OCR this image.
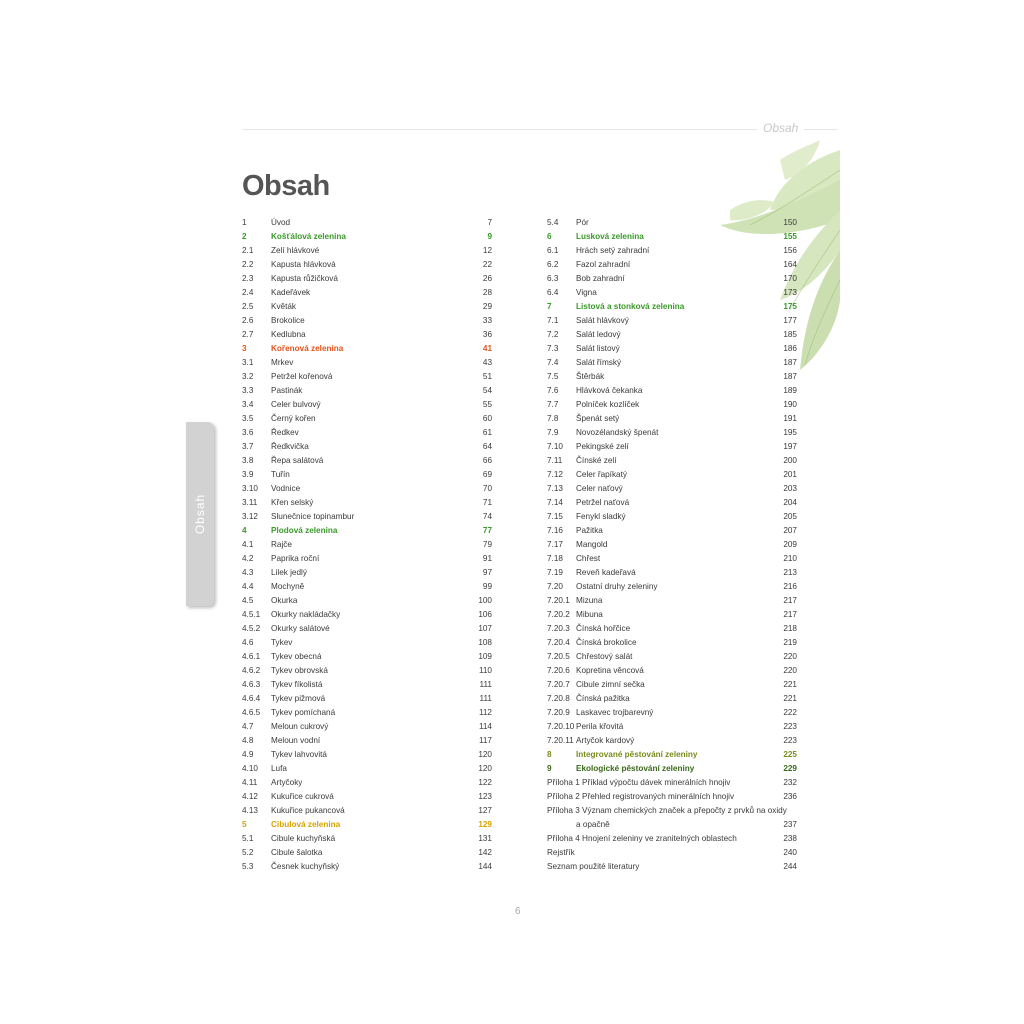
Obsah
Obsah
Obsah
1	Úvod	7
2	Košťálová zelenina	9
2.1 Zelí hlávkové	12
2.2 Kapusta hlávková	22
2.3 Kapusta růžičková	26
2.4 Kadeřávek	28
2.5 Květák	29
2.6 Brokolice	33
2.7 Kedlubna	36
3	Kořenová zelenina	41
3.1 Mrkev	43
3.2 Petržel kořenová	51
3.3 Pastinák	54
3.4 Celer bulvový	55
3.5 Černý kořen	60
3.6 Ředkev	61
3.7 Ředkvička	64
3.8 Řepa salátová	66
3.9 Tuřín	69
3.10 Vodnice	70
3.11 Křen selský	71
3.12 Slunečnice topinambur	74
4	Plodová zelenina	77
4.1 Rajče	79
4.2 Paprika roční	91
4.3 Lilek jedlý	97
4.4 Mochyně	99
4.5 Okurka	100
4.5.1 Okurky nakládačky	106
4.5.2 Okurky salátové	107
4.6 Tykev	108
4.6.1 Tykev obecná	109
4.6.2 Tykev obrovská	110
4.6.3 Tykev fíkolistá	111
4.6.4 Tykev pižmová	111
4.6.5 Tykev pomíchaná	112
4.7 Meloun cukrový	114
4.8 Meloun vodní	117
4.9 Tykev lahvovitá	120
4.10 Lufa	120
4.11 Artyčoky	122
4.12 Kukuřice cukrová	123
4.13 Kukuřice pukancová	127
5	Cibulová zelenina	129
5.1 Cibule kuchyňská	131
5.2 Cibule šalotka	142
5.3 Česnek kuchyňský	144
5.4 Pór	150
6	Lusková zelenina	155
6.1 Hrách setý zahradní	156
6.2 Fazol zahradní	164
6.3 Bob zahradní	170
6.4 Vigna	173
7	Listová a stonková zelenina	175
7.1 Salát hlávkový	177
7.2 Salát ledový	185
7.3 Salát listový	186
7.4 Salát římský	187
7.5 Štěrbák	187
7.6 Hlávková čekanka	189
7.7 Polníček kozlíček	190
7.8 Špenát setý	191
7.9 Novozélandský špenát	195
7.10 Pekingské zelí	197
7.11 Čínské zelí	200
7.12 Celer řapíkatý	201
7.13 Celer naťový	203
7.14 Petržel naťová	204
7.15 Fenykl sladký	205
7.16 Pažitka	207
7.17 Mangold	209
7.18 Chřest	210
7.19 Reveň kadeřavá	213
7.20 Ostatní druhy zeleniny	216
7.20.1 Mizuna	217
7.20.2 Mibuna	217
7.20.3 Čínská hořčice	218
7.20.4 Čínská brokolice	219
7.20.5 Chřestový salát	220
7.20.6 Kopretina věncová	220
7.20.7 Cibule zimní sečka	221
7.20.8 Čínská pažitka	221
7.20.9 Laskavec trojbarevný	222
7.20.10 Perila křovitá	223
7.20.11 Artyčok kardový	223
8	Integrované pěstování zeleniny	225
9	Ekologické pěstování zeleniny	229
Příloha 1 Příklad výpočtu dávek minerálních hnojiv	232
Příloha 2 Přehled registrovaných minerálních hnojiv	236
Příloha 3 Význam chemických značek a přepočty z prvků na oxidy
a opačně	237
Příloha 4 Hnojení zeleniny ve zranitelných oblastech	238
Rejstřík	240
Seznam použité literatury	244
6
